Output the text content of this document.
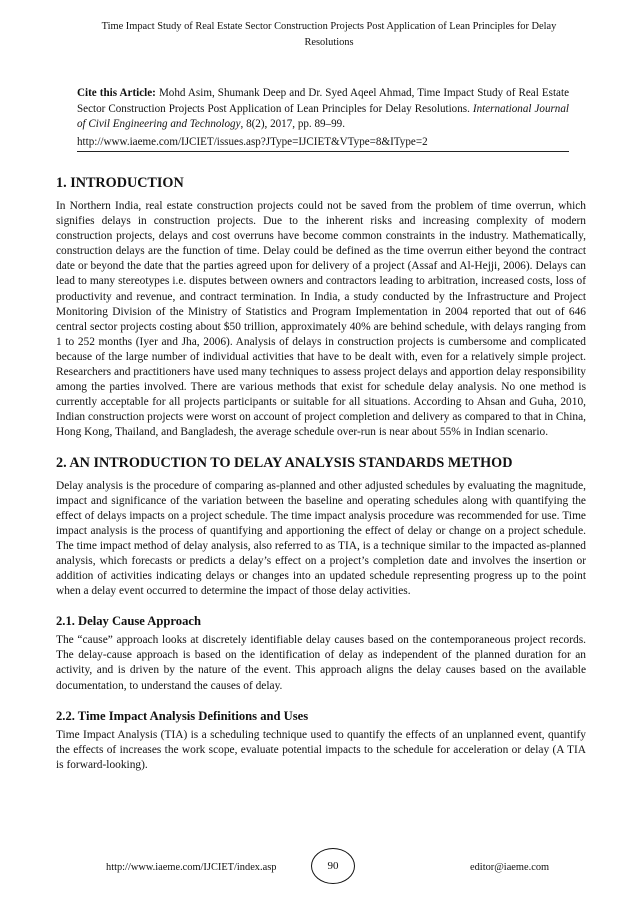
Time Impact Study of Real Estate Sector Construction Projects Post Application of Lean Principles for Delay Resolutions
Cite this Article: Mohd Asim, Shumank Deep and Dr. Syed Aqeel Ahmad, Time Impact Study of Real Estate Sector Construction Projects Post Application of Lean Principles for Delay Resolutions. International Journal of Civil Engineering and Technology, 8(2), 2017, pp. 89–99.
http://www.iaeme.com/IJCIET/issues.asp?JType=IJCIET&VType=8&IType=2
1. INTRODUCTION

In Northern India, real estate construction projects could not be saved from the problem of time overrun, which signifies delays in construction projects. Due to the inherent risks and increasing complexity of modern construction projects, delays and cost overruns have become common constraints in the industry. Mathematically, construction delays are the function of time. Delay could be defined as the time overrun either beyond the contract date or beyond the date that the parties agreed upon for delivery of a project (Assaf and Al-Hejji, 2006). Delays can lead to many stereotypes i.e. disputes between owners and contractors leading to arbitration, increased costs, loss of productivity and revenue, and contract termination. In India, a study conducted by the Infrastructure and Project Monitoring Division of the Ministry of Statistics and Program Implementation in 2004 reported that out of 646 central sector projects costing about $50 trillion, approximately 40% are behind schedule, with delays ranging from 1 to 252 months (Iyer and Jha, 2006). Analysis of delays in construction projects is cumbersome and complicated because of the large number of individual activities that have to be dealt with, even for a relatively simple project. Researchers and practitioners have used many techniques to assess project delays and apportion delay responsibility among the parties involved. There are various methods that exist for schedule delay analysis. No one method is currently acceptable for all projects participants or suitable for all situations. According to Ahsan and Guha, 2010, Indian construction projects were worst on account of project completion and delivery as compared to that in China, Hong Kong, Thailand, and Bangladesh, the average schedule over-run is near about 55% in Indian scenario.

2. AN INTRODUCTION TO DELAY ANALYSIS STANDARDS METHOD

Delay analysis is the procedure of comparing as-planned and other adjusted schedules by evaluating the magnitude, impact and significance of the variation between the baseline and operating schedules along with quantifying the effect of delays impacts on a project schedule. The time impact analysis procedure was recommended for use. Time impact analysis is the process of quantifying and apportioning the effect of delay or change on a project schedule. The time impact method of delay analysis, also referred to as TIA, is a technique similar to the impacted as-planned analysis, which forecasts or predicts a delay’s effect on a project’s completion date and involves the insertion or addition of activities indicating delays or changes into an updated schedule representing progress up to the point when a delay event occurred to determine the impact of those delay activities.

2.1. Delay Cause Approach

The “cause” approach looks at discretely identifiable delay causes based on the contemporaneous project records. The delay-cause approach is based on the identification of delay as independent of the planned duration for an activity, and is driven by the nature of the event. This approach aligns the delay causes based on the available documentation, to understand the causes of delay.

2.2. Time Impact Analysis Definitions and Uses

Time Impact Analysis (TIA) is a scheduling technique used to quantify the effects of an unplanned event, quantify the effects of increases the work scope, evaluate potential impacts to the schedule for acceleration or delay (A TIA is forward-looking).

http://www.iaeme.com/IJCIET/index.asp	90	editor@iaeme.com
